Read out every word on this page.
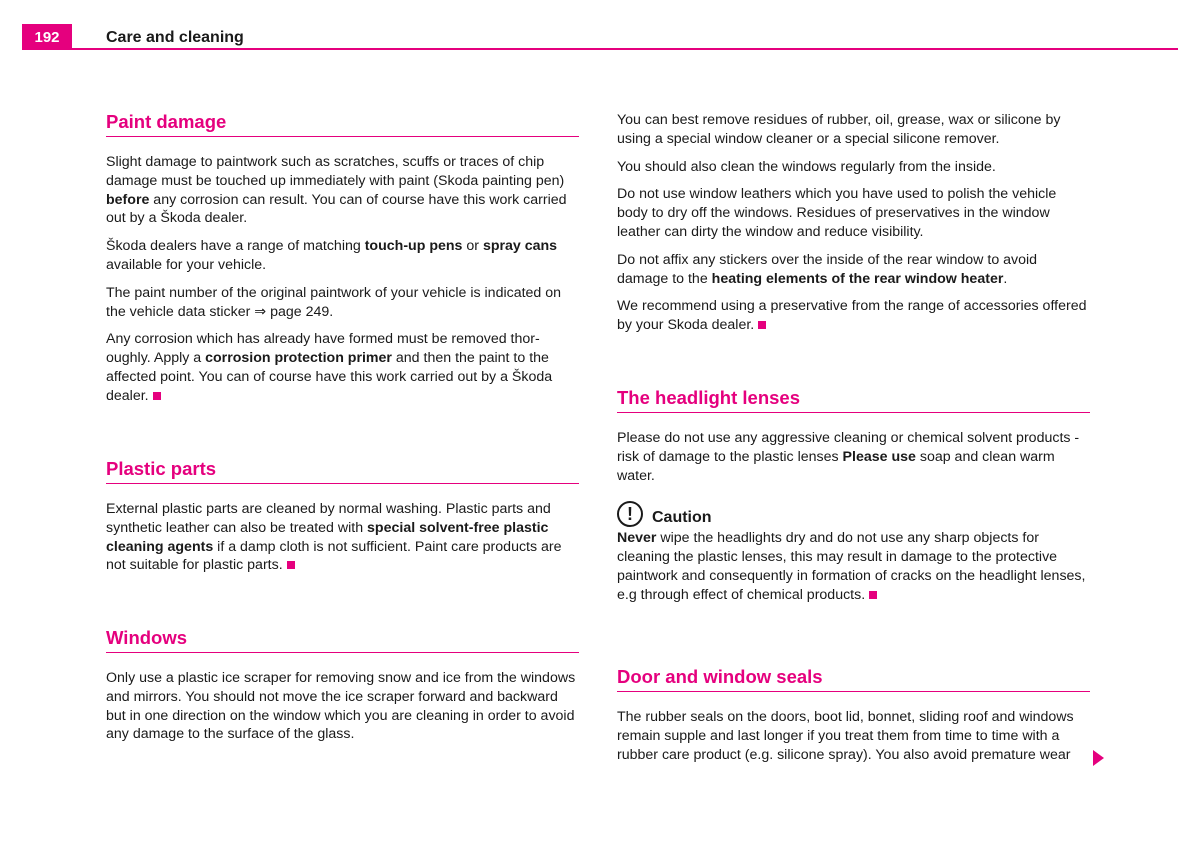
192	Care and cleaning
Paint damage

Slight damage to paintwork such as scratches, scuffs or traces of chip damage must be touched up immediately with paint (Skoda painting pen) before any corrosion can result. You can of course have this work carried out by a Škoda dealer.

Škoda dealers have a range of matching touch-up pens or spray cans available for your vehicle.

The paint number of the original paintwork of your vehicle is indicated on the vehicle data sticker ⇒ page 249.

Any corrosion which has already have formed must be removed thor-oughly. Apply a corrosion protection primer and then the paint to the affected point. You can of course have this work carried out by a Škoda dealer.

Plastic parts

External plastic parts are cleaned by normal washing. Plastic parts and synthetic leather can also be treated with special solvent-free plastic cleaning agents if a damp cloth is not sufficient. Paint care products are not suitable for plastic parts.

Windows

Only use a plastic ice scraper for removing snow and ice from the windows and mirrors. You should not move the ice scraper forward and backward but in one direction on the window which you are cleaning in order to avoid any damage to the surface of the glass.

You can best remove residues of rubber, oil, grease, wax or silicone by using a special window cleaner or a special silicone remover.

You should also clean the windows regularly from the inside.

Do not use window leathers which you have used to polish the vehicle body to dry off the windows. Residues of preservatives in the window leather can dirty the window and reduce visibility.

Do not affix any stickers over the inside of the rear window to avoid damage to the heating elements of the rear window heater.

We recommend using a preservative from the range of accessories offered by your Skoda dealer.

The headlight lenses

Please do not use any aggressive cleaning or chemical solvent products - risk of damage to the plastic lenses Please use soap and clean warm water.

!	Caution

Never wipe the headlights dry and do not use any sharp objects for cleaning the plastic lenses, this may result in damage to the protective paintwork and consequently in formation of cracks on the headlight lenses, e.g through effect of chemical products.

Door and window seals

The rubber seals on the doors, boot lid, bonnet, sliding roof and windows remain supple and last longer if you treat them from time to time with a rubber care product (e.g. silicone spray). You also avoid premature wear
